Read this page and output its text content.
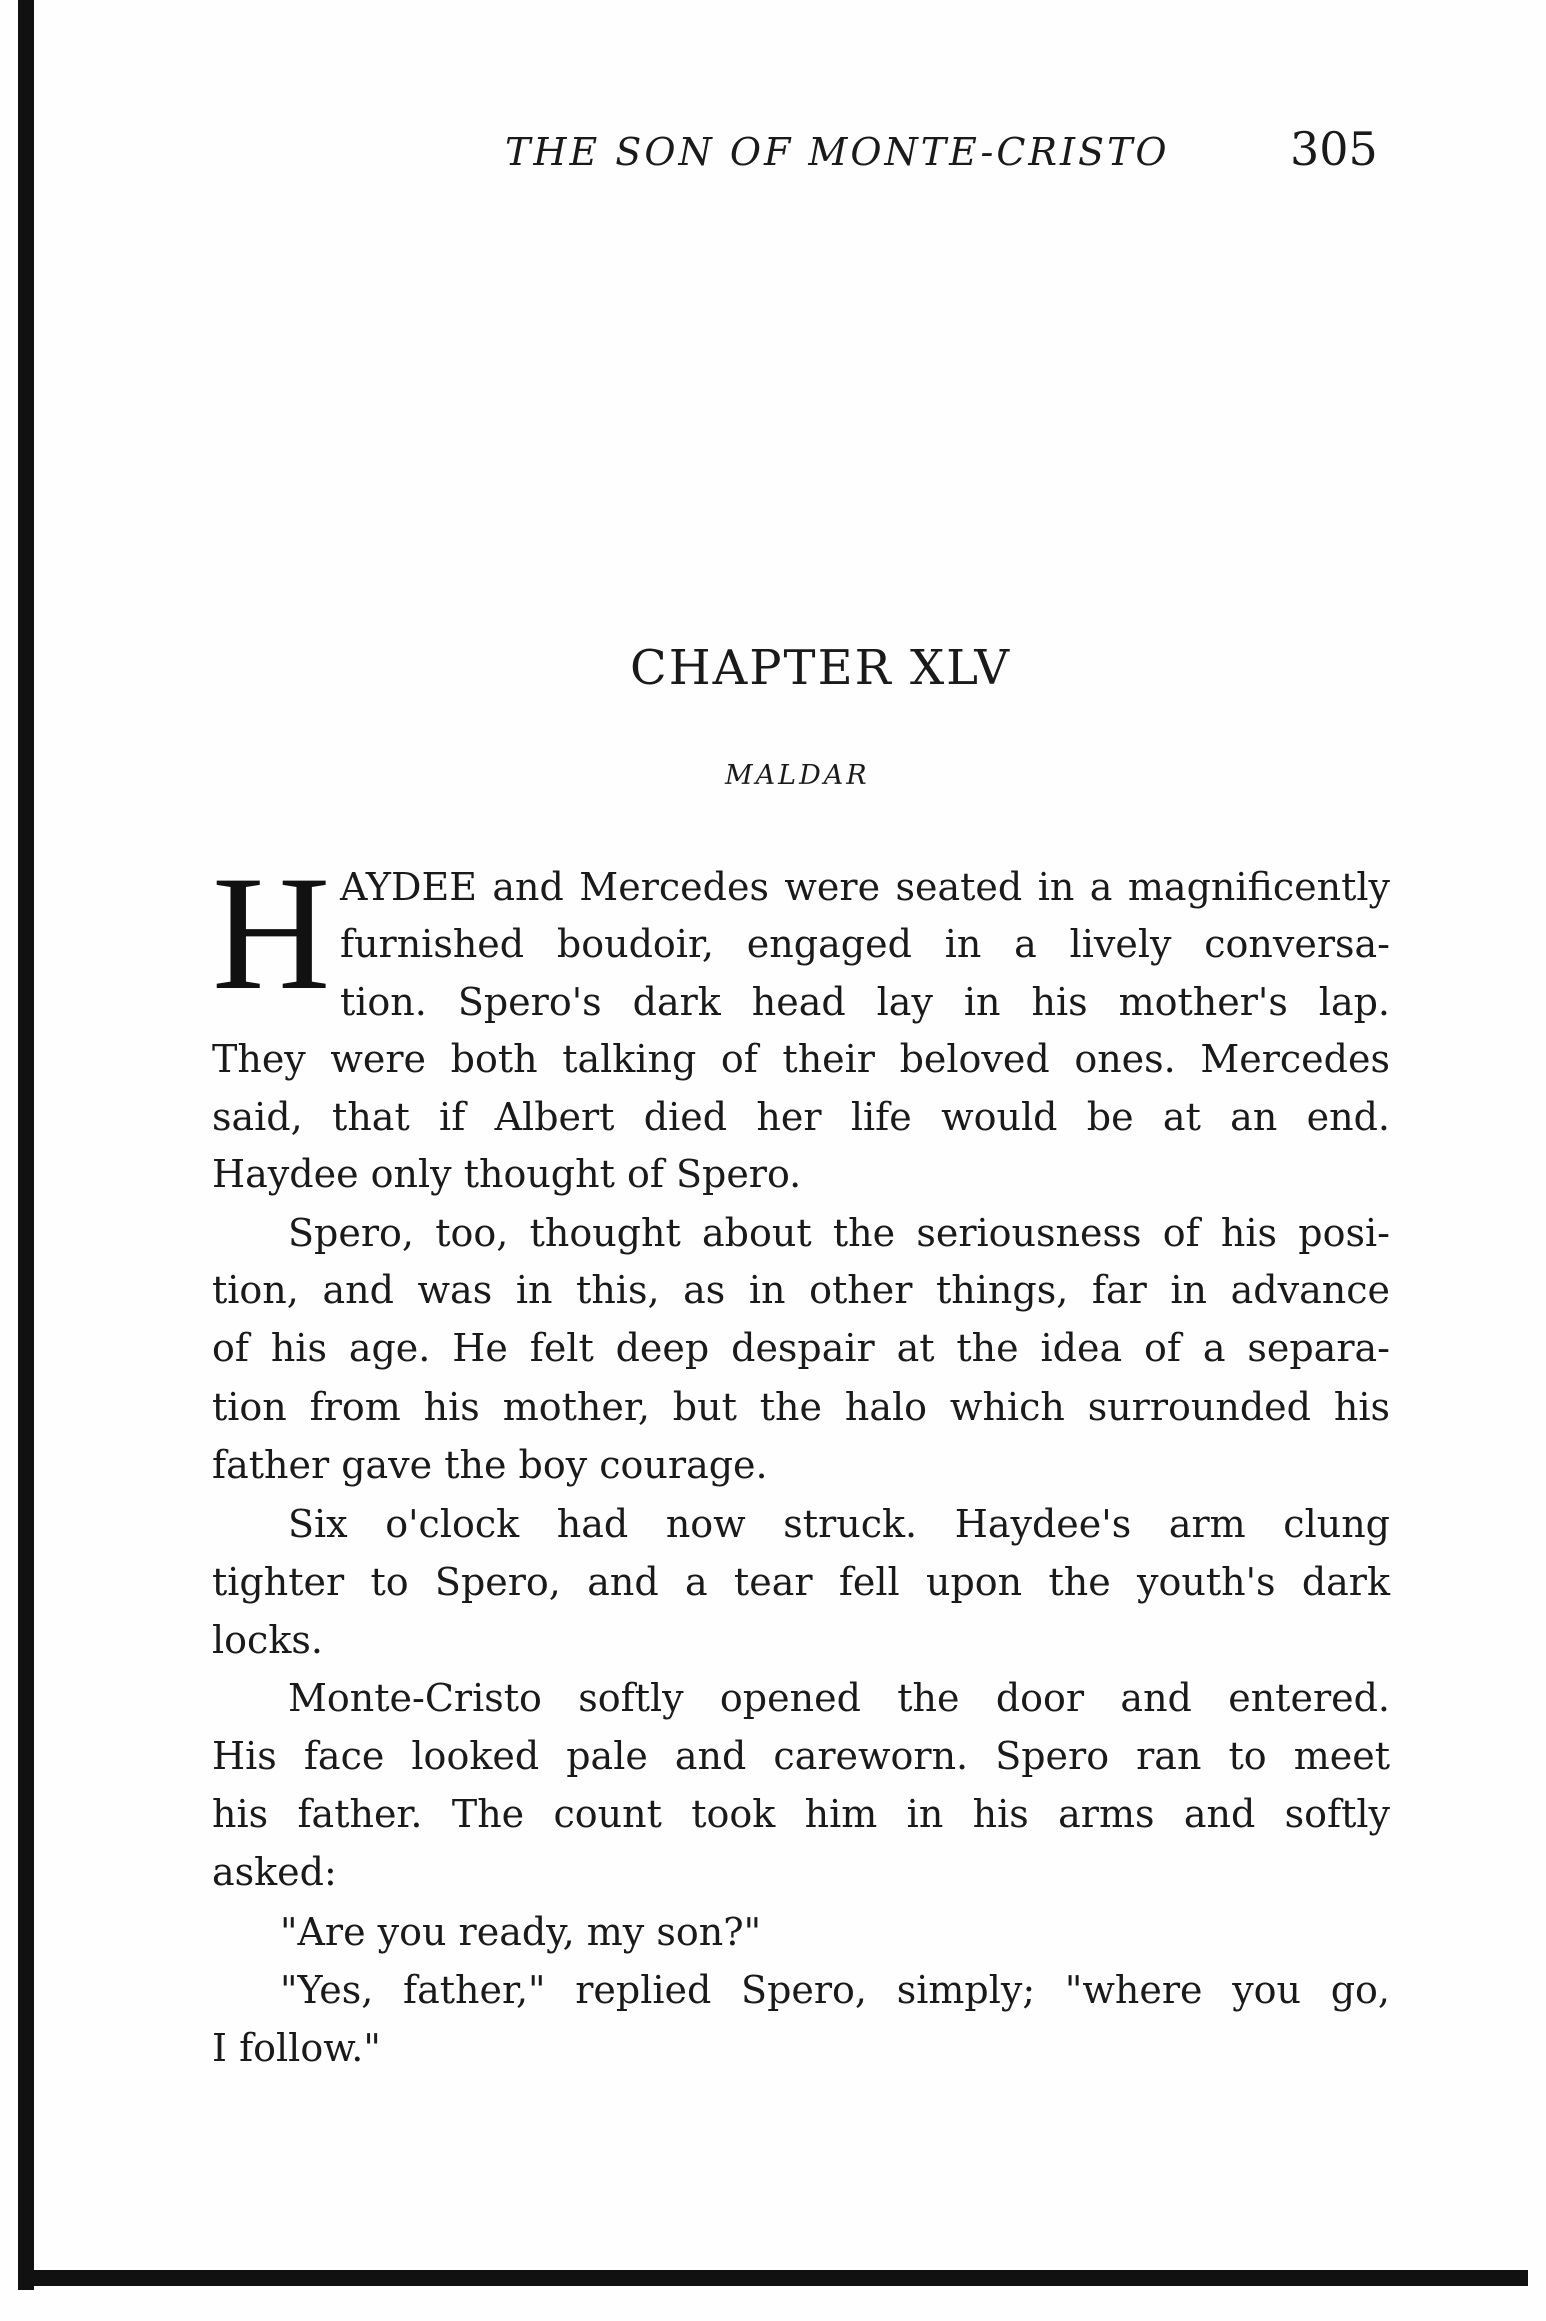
THE SON OF MONTE-CRISTO	305
CHAPTER XLV
MALDAR
H AYDEE and Mercedes were seated in a magnificently
furnished boudoir, engaged in a lively conversa-
tion. Spero's dark head lay in his mother's lap.
They were both talking of their beloved ones. Mercedes
said, that if Albert died her life would be at an end.
Haydee only thought of Spero.
Spero, too, thought about the seriousness of his posi-
tion, and was in this, as in other things, far in advance
of his age. He felt deep despair at the idea of a separa-
tion from his mother, but the halo which surrounded his
father gave the boy courage.
Six o'clock had now struck. Haydee's arm clung
tighter to Spero, and a tear fell upon the youth's dark
locks.
Monte-Cristo softly opened the door and entered.
His face looked pale and careworn. Spero ran to meet
his father. The count took him in his arms and softly
asked:
"Are you ready, my son?"
"Yes, father," replied Spero, simply; "where you go,
I follow."
